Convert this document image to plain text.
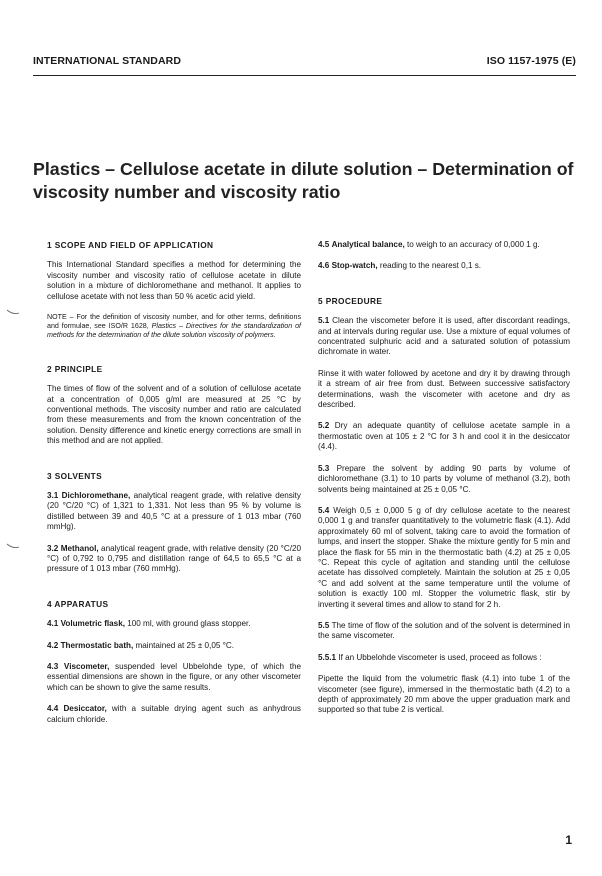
INTERNATIONAL STANDARD	ISO 1157-1975 (E)
Plastics – Cellulose acetate in dilute solution – Determination of viscosity number and viscosity ratio
1 SCOPE AND FIELD OF APPLICATION

This International Standard specifies a method for determining the viscosity number and viscosity ratio of cellulose acetate in dilute solution in a mixture of dichloromethane and methanol. It applies to cellulose acetate with not less than 50 % acetic acid yield.

NOTE – For the definition of viscosity number, and for other terms, definitions and formulae, see ISO/R 1628, Plastics – Directives for the standardization of methods for the determination of the dilute solution viscosity of polymers.

2 PRINCIPLE

The times of flow of the solvent and of a solution of cellulose acetate at a concentration of 0,005 g/ml are measured at 25 °C by conventional methods. The viscosity number and ratio are calculated from these measurements and from the known concentration of the solution. Density difference and kinetic energy corrections are small in this method and are not applied.

3 SOLVENTS

3.1 Dichloromethane, analytical reagent grade, with relative density (20 °C/20 °C) of 1,321 to 1,331. Not less than 95 % by volume is distilled between 39 and 40,5 °C at a pressure of 1 013 mbar (760 mmHg).

3.2 Methanol, analytical reagent grade, with relative density (20 °C/20 °C) of 0,792 to 0,795 and distillation range of 64,5 to 65,5 °C at a pressure of 1 013 mbar (760 mmHg).

4 APPARATUS

4.1 Volumetric flask, 100 ml, with ground glass stopper.

4.2 Thermostatic bath, maintained at 25 ± 0,05 °C.

4.3 Viscometer, suspended level Ubbelohde type, of which the essential dimensions are shown in the figure, or any other viscometer which can be shown to give the same results.

4.4 Desiccator, with a suitable drying agent such as anhydrous calcium chloride.

4.5 Analytical balance, to weigh to an accuracy of 0,000 1 g.

4.6 Stop-watch, reading to the nearest 0,1 s.

5 PROCEDURE

5.1 Clean the viscometer before it is used, after discordant readings, and at intervals during regular use. Use a mixture of equal volumes of concentrated sulphuric acid and a saturated solution of potassium dichromate in water.

Rinse it with water followed by acetone and dry it by drawing through it a stream of air free from dust. Between successive satisfactory determinations, wash the viscometer with acetone and dry as described.

5.2 Dry an adequate quantity of cellulose acetate sample in a thermostatic oven at 105 ± 2 °C for 3 h and cool it in the desiccator (4.4).

5.3 Prepare the solvent by adding 90 parts by volume of dichloromethane (3.1) to 10 parts by volume of methanol (3.2), both solvents being maintained at 25 ± 0,05 °C.

5.4 Weigh 0,5 ± 0,000 5 g of dry cellulose acetate to the nearest 0,000 1 g and transfer quantitatively to the volumetric flask (4.1). Add approximately 60 ml of solvent, taking care to avoid the formation of lumps, and insert the stopper. Shake the mixture gently for 5 min and place the flask for 55 min in the thermostatic bath (4.2) at 25 ± 0,05 °C. Repeat this cycle of agitation and standing until the cellulose acetate has dissolved completely. Maintain the solution at 25 ± 0,05 °C and add solvent at the same temperature until the volume of solution is exactly 100 ml. Stopper the volumetric flask, stir by inverting it several times and allow to stand for 2 h.

5.5 The time of flow of the solution and of the solvent is determined in the same viscometer.

5.5.1 If an Ubbelohde viscometer is used, proceed as follows :

Pipette the liquid from the volumetric flask (4.1) into tube 1 of the viscometer (see figure), immersed in the thermostatic bath (4.2) to a depth of approximately 20 mm above the upper graduation mark and supported so that tube 2 is vertical.

1
